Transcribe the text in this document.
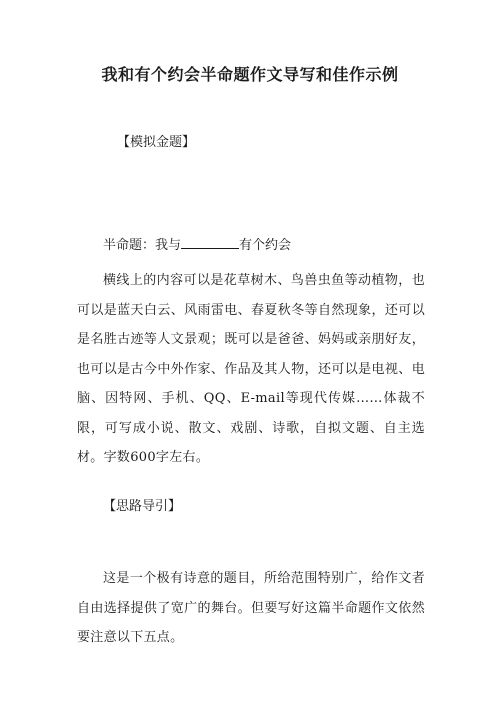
我和有个约会半命题作文导写和佳作示例
【模拟金题】
半命题：我与	有个约会
横线上的内容可以是花草树木、鸟兽虫鱼等动植物，也可以是蓝天白云、风雨雷电、春夏秋冬等自然现象，还可以是名胜古迹等人文景观；既可以是爸爸、妈妈或亲朋好友，也可以是古今中外作家、作品及其人物，还可以是电视、电脑、因特网、手机、QQ、E-mail等现代传媒……体裁不限，可写成小说、散文、戏剧、诗歌，自拟文题、自主选材。字数600字左右。
【思路导引】
这是一个极有诗意的题目，所给范围特别广，给作文者自由选择提供了宽广的舞台。但要写好这篇半命题作文依然要注意以下五点。
